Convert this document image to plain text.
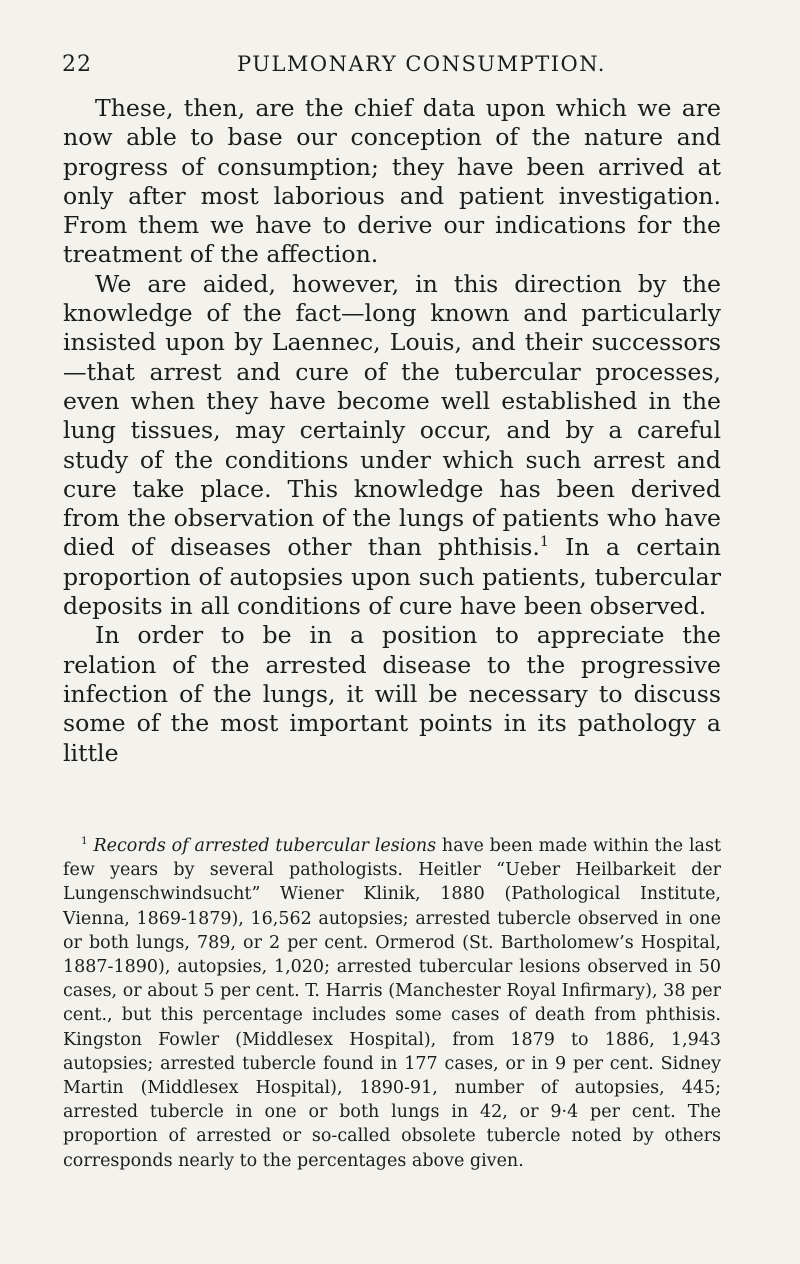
22	PULMONARY CONSUMPTION.

These, then, are the chief data upon which we are now able to base our conception of the nature and progress of consumption; they have been arrived at only after most laborious and patient investigation. From them we have to derive our indications for the treatment of the affection.

We are aided, however, in this direction by the knowledge of the fact—long known and particularly insisted upon by Laennec, Louis, and their successors—that arrest and cure of the tubercular processes, even when they have become well established in the lung tissues, may certainly occur, and by a careful study of the conditions under which such arrest and cure take place. This knowledge has been derived from the observation of the lungs of patients who have died of diseases other than phthisis.$^1$ In a certain proportion of autopsies upon such patients, tubercular deposits in all conditions of cure have been observed.

In order to be in a position to appreciate the relation of the arrested disease to the progressive infection of the lungs, it will be necessary to discuss some of the most important points in its pathology a little

$^1$ Records of arrested tubercular lesions have been made within the last few years by several pathologists. Heitler “Ueber Heilbarkeit der Lungenschwindsucht” Wiener Klinik, 1880 (Pathological Institute, Vienna, 1869-1879), 16,562 autopsies; arrested tubercle observed in one or both lungs, 789, or 2 per cent. Ormerod (St. Bartholomew’s Hospital, 1887-1890), autopsies, 1,020; arrested tubercular lesions observed in 50 cases, or about 5 per cent. T. Harris (Manchester Royal Infirmary), 38 per cent., but this percentage includes some cases of death from phthisis. Kingston Fowler (Middlesex Hospital), from 1879 to 1886, 1,943 autopsies; arrested tubercle found in 177 cases, or in 9 per cent. Sidney Martin (Middlesex Hospital), 1890-91, number of autopsies, 445; arrested tubercle in one or both lungs in 42, or 9·4 per cent. The proportion of arrested or so-called obsolete tubercle noted by others corresponds nearly to the percentages above given.
